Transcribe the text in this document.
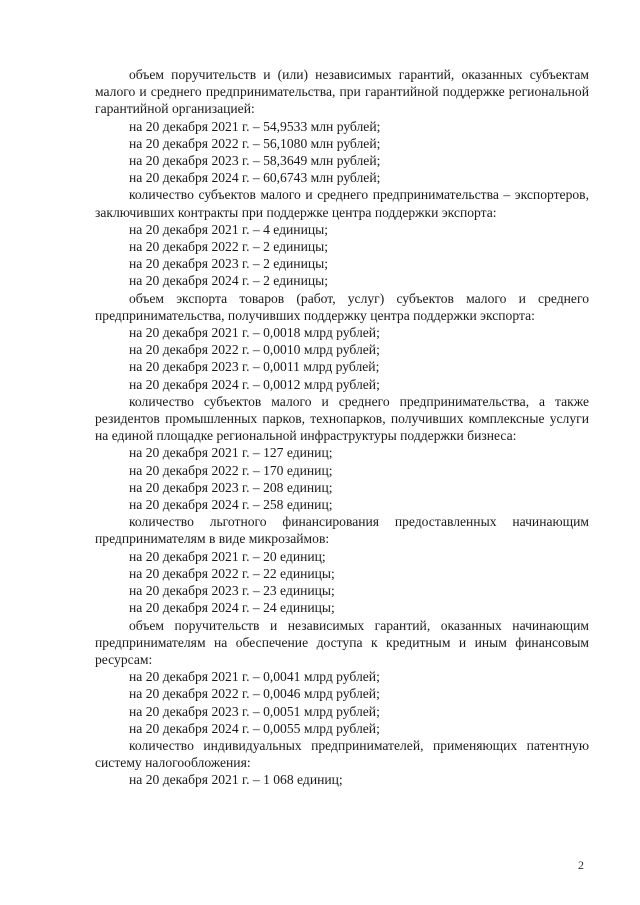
объем поручительств и (или) независимых гарантий, оказанных субъектам малого и среднего предпринимательства, при гарантийной поддержке региональной гарантийной организацией:

на 20 декабря 2021 г. – 54,9533 млн рублей;
на 20 декабря 2022 г. – 56,1080 млн рублей;
на 20 декабря 2023 г. – 58,3649 млн рублей;
на 20 декабря 2024 г. – 60,6743 млн рублей;

количество субъектов малого и среднего предпринимательства – экспортеров, заключивших контракты при поддержке центра поддержки экспорта:

на 20 декабря 2021 г. – 4 единицы;
на 20 декабря 2022 г. – 2 единицы;
на 20 декабря 2023 г. – 2 единицы;
на 20 декабря 2024 г. – 2 единицы;

объем экспорта товаров (работ, услуг) субъектов малого и среднего предпринимательства, получивших поддержку центра поддержки экспорта:

на 20 декабря 2021 г. – 0,0018 млрд рублей;
на 20 декабря 2022 г. – 0,0010 млрд рублей;
на 20 декабря 2023 г. – 0,0011 млрд рублей;
на 20 декабря 2024 г. – 0,0012 млрд рублей;

количество субъектов малого и среднего предпринимательства, а также резидентов промышленных парков, технопарков, получивших комплексные услуги на единой площадке региональной инфраструктуры поддержки бизнеса:

на 20 декабря 2021 г. – 127 единиц;
на 20 декабря 2022 г. – 170 единиц;
на 20 декабря 2023 г. – 208 единиц;
на 20 декабря 2024 г. – 258 единиц;

количество льготного финансирования предоставленных начинающим предпринимателям в виде микрозаймов:

на 20 декабря 2021 г. – 20 единиц;
на 20 декабря 2022 г. – 22 единицы;
на 20 декабря 2023 г. – 23 единицы;
на 20 декабря 2024 г. – 24 единицы;

объем поручительств и независимых гарантий, оказанных начинающим предпринимателям на обеспечение доступа к кредитным и иным финансовым ресурсам:

на 20 декабря 2021 г. – 0,0041 млрд рублей;
на 20 декабря 2022 г. – 0,0046 млрд рублей;
на 20 декабря 2023 г. – 0,0051 млрд рублей;
на 20 декабря 2024 г. – 0,0055 млрд рублей;

количество индивидуальных предпринимателей, применяющих патентную систему налогообложения:

на 20 декабря 2021 г. – 1 068 единиц;
2
